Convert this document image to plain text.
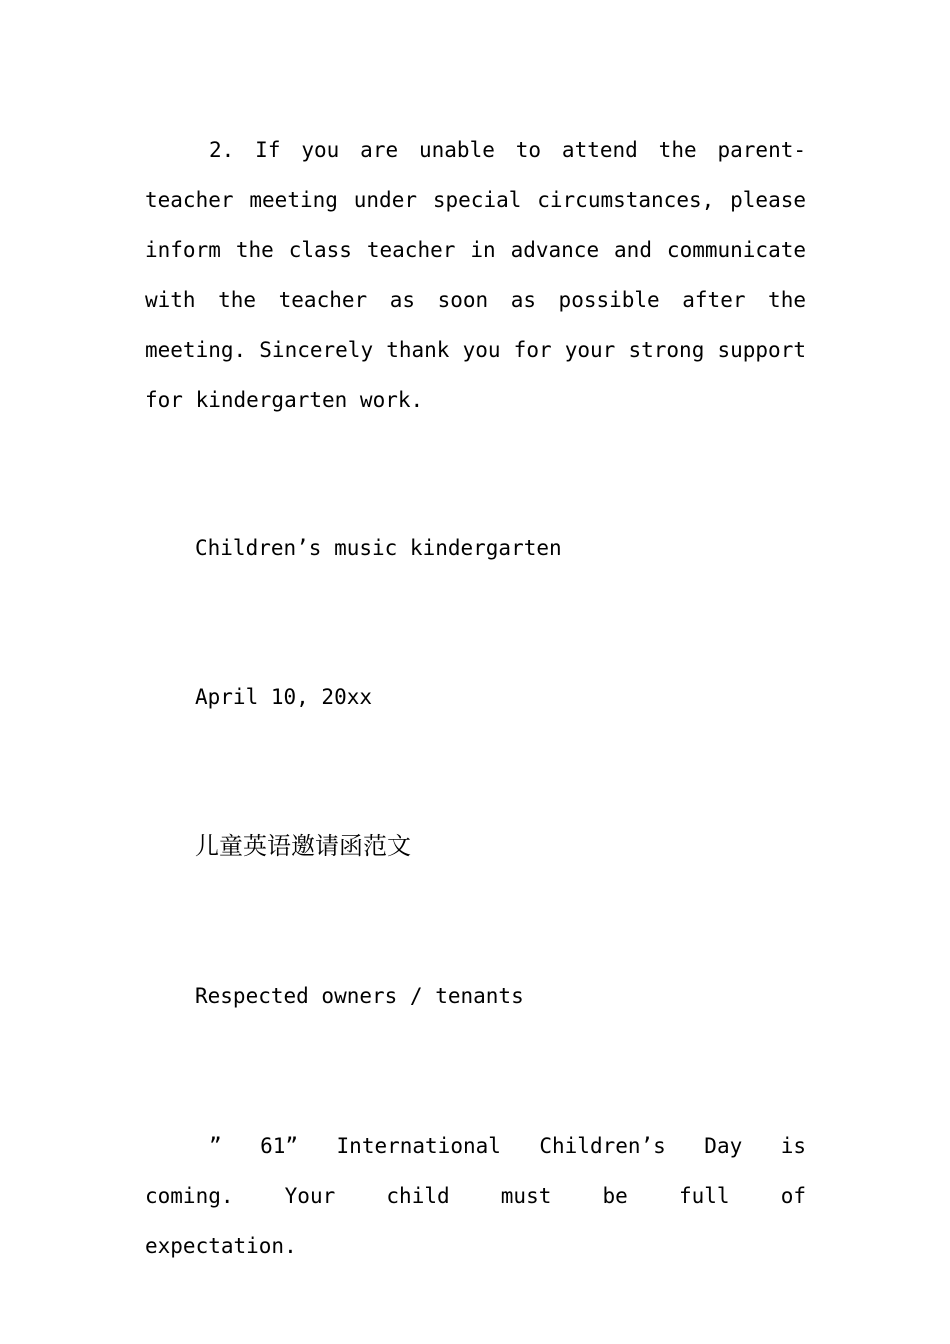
2. If you are unable to attend the parent-teacher meeting under special circumstances, please inform the class teacher in advance and communicate with the teacher as soon as possible after the meeting. Sincerely thank you for your strong support for kindergarten work.

Children’s music kindergarten

April 10, 20xx

儿童英语邀请函范文

Respected owners / tenants

” 61” International Children’s Day is coming. Your child must be full of expectation.
